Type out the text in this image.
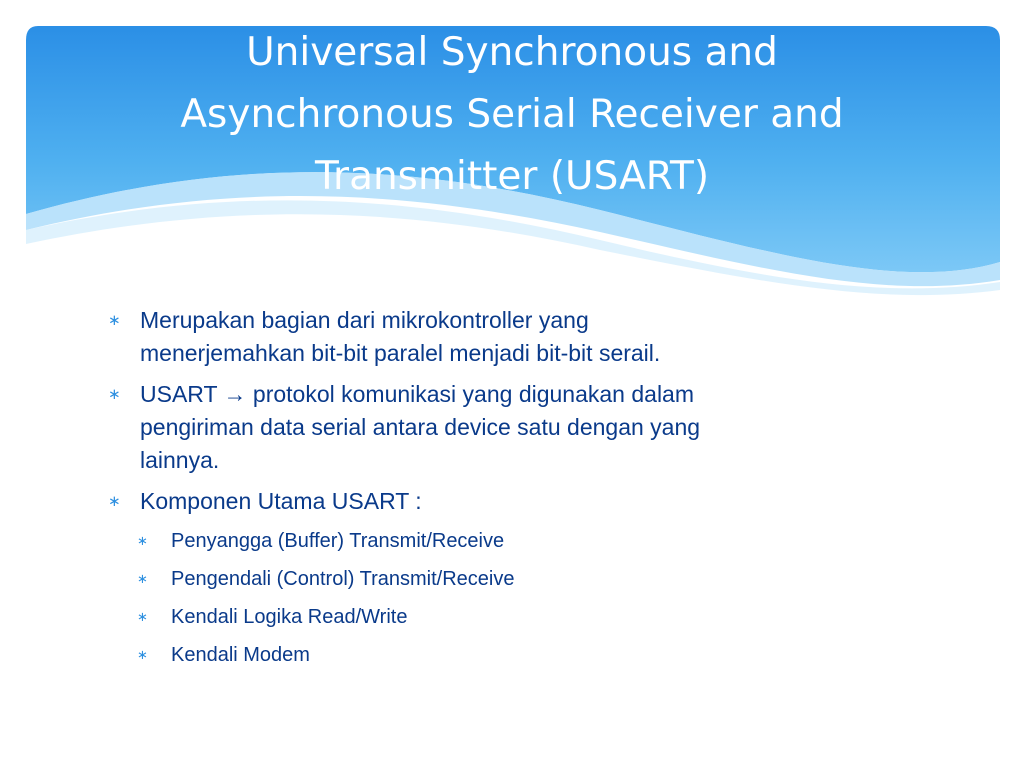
Universal Synchronous and
Asynchronous Serial Receiver and
Transmitter (USART)
∗ Merupakan bagian dari mikrokontroller yang
menerjemahkan bit-bit paralel menjadi bit-bit serail.
∗ USART → protokol komunikasi yang digunakan dalam
pengiriman data serial antara device satu dengan yang
lainnya.
∗ Komponen Utama USART :
∗ Penyangga (Buffer) Transmit/Receive
∗ Pengendali (Control) Transmit/Receive
∗ Kendali Logika Read/Write
∗ Kendali Modem
